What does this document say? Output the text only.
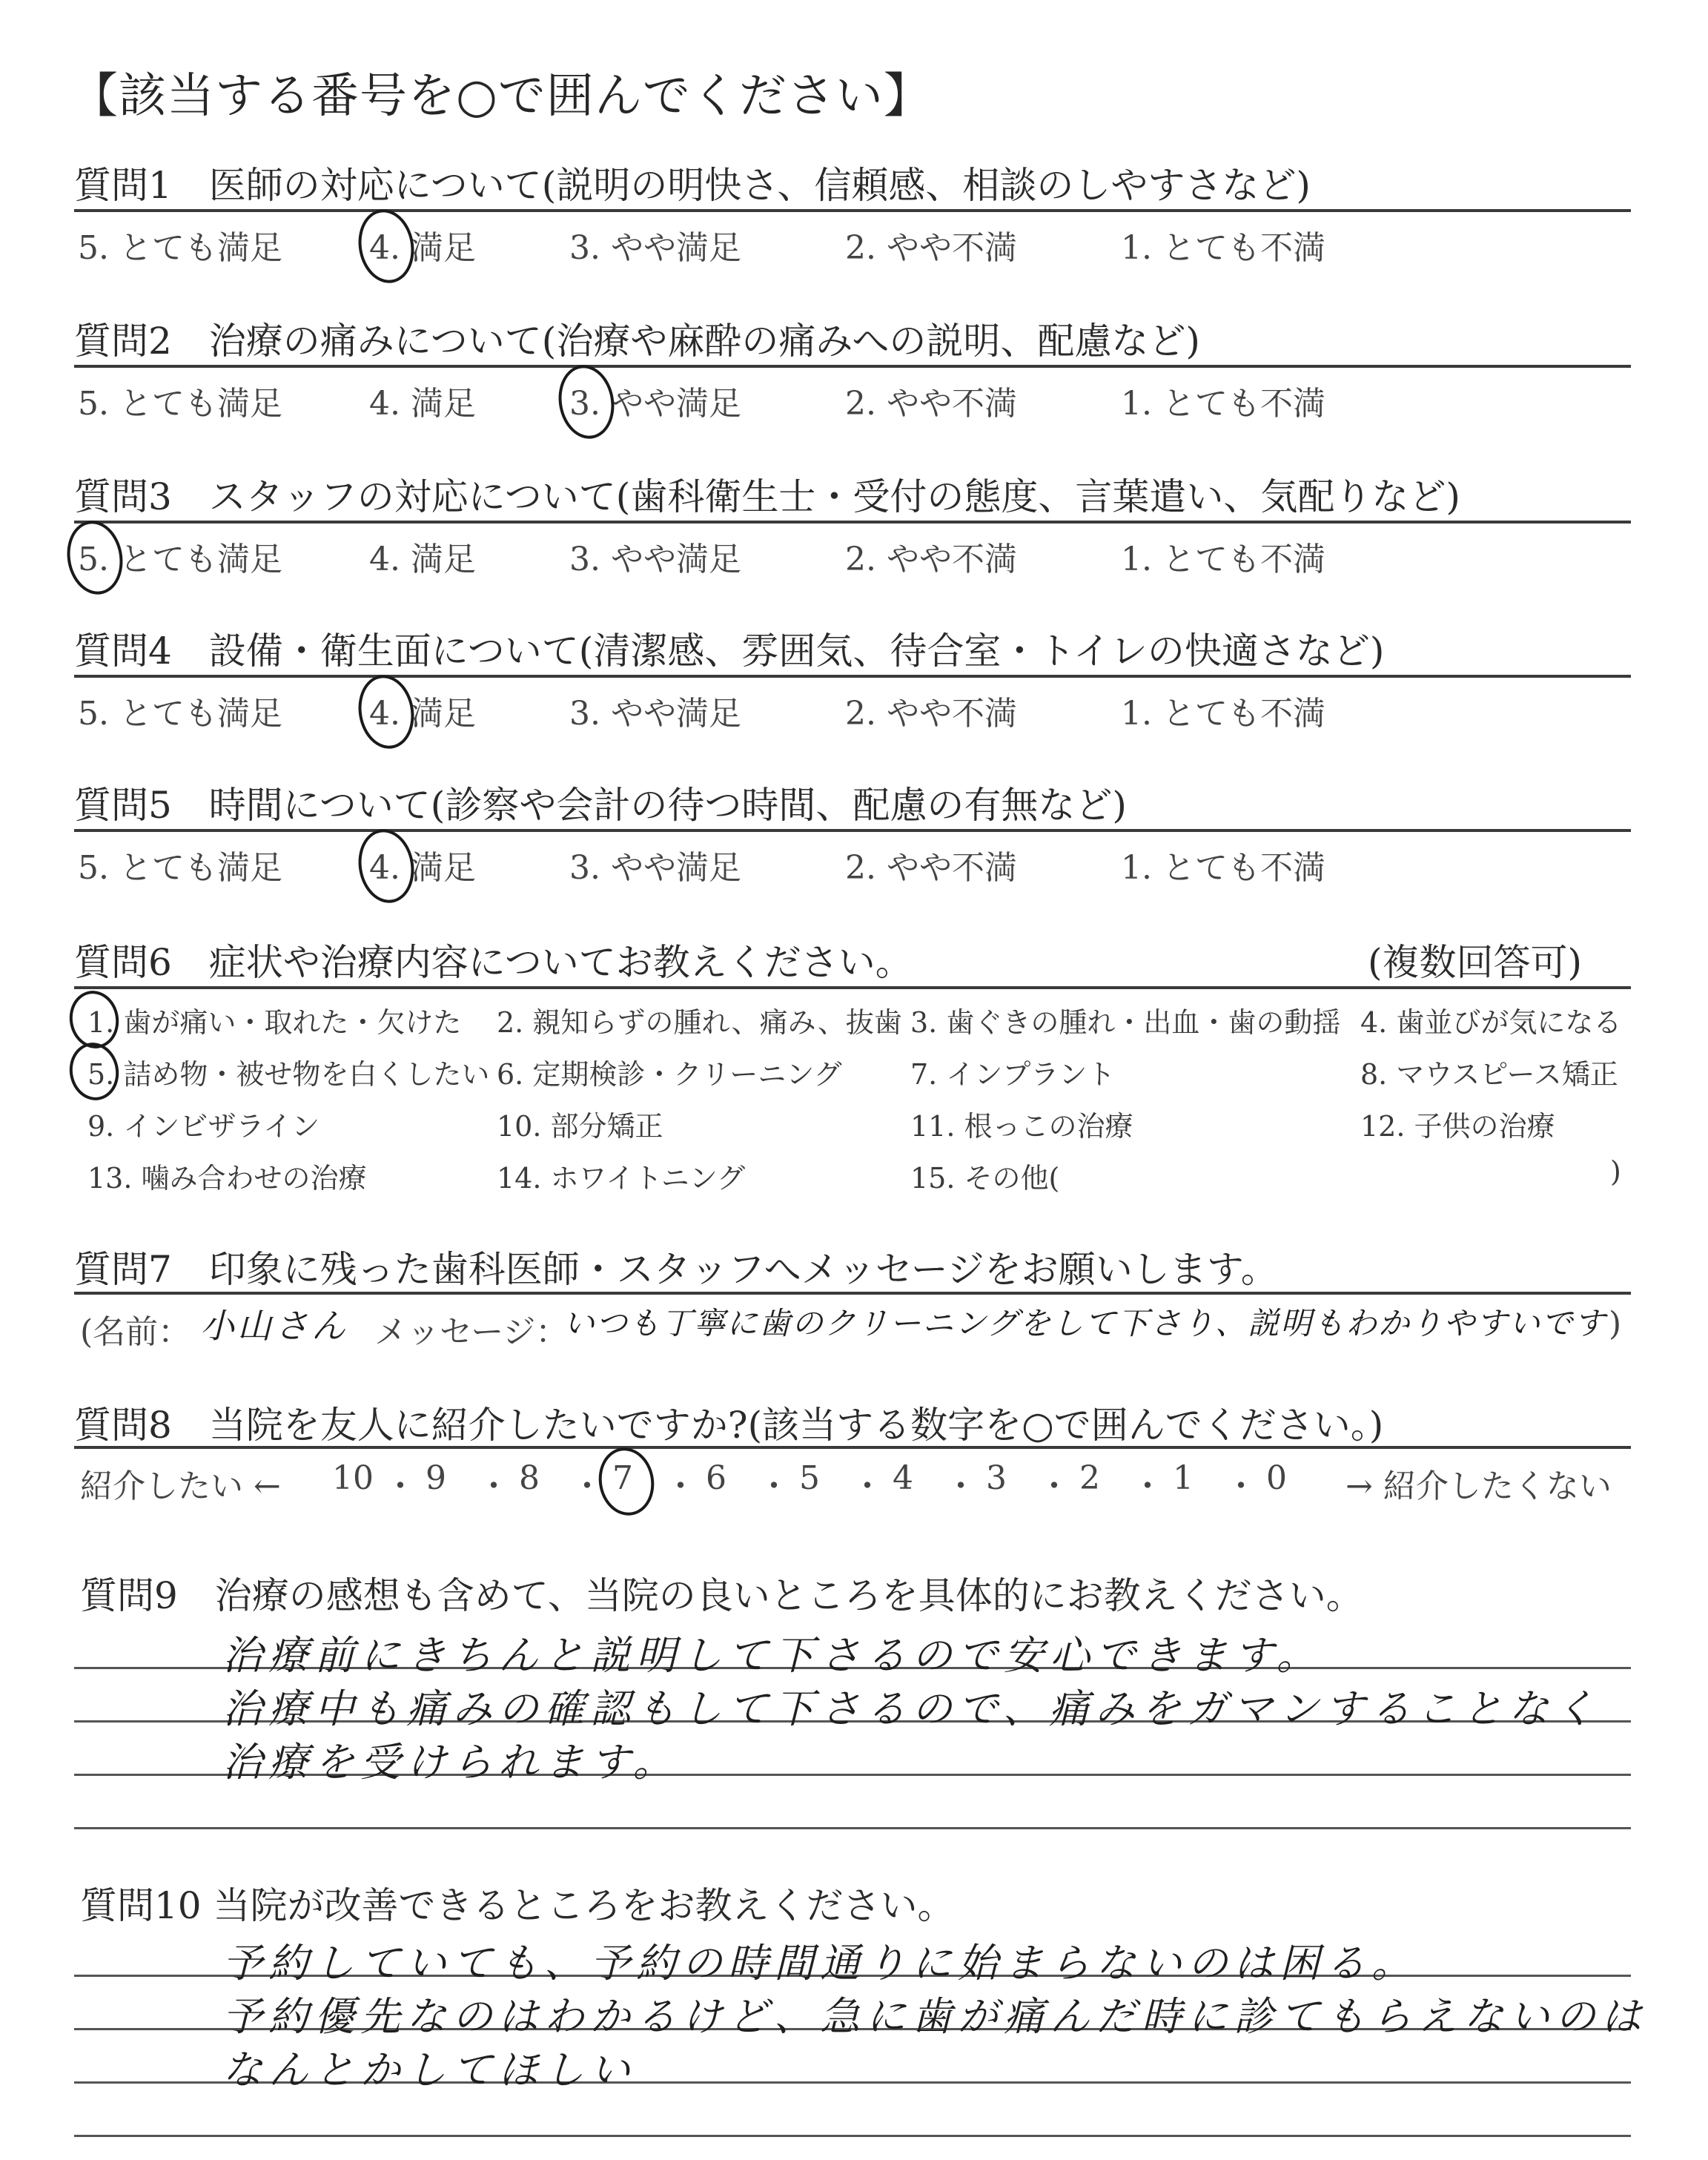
【該当する番号を○で囲んでください】
質問1　医師の対応について(説明の明快さ、信頼感、相談のしやすさなど)
5. とても満足	4. 満足	3. やや満足	2. やや不満	1. とても不満
質問2　治療の痛みについて(治療や麻酔の痛みへの説明、配慮など)
5. とても満足	4. 満足	3. やや満足	2. やや不満	1. とても不満
質問3　スタッフの対応について(歯科衛生士・受付の態度、言葉遣い、気配りなど)
5. とても満足	4. 満足	3. やや満足	2. やや不満	1. とても不満
質問4　設備・衛生面について(清潔感、雰囲気、待合室・トイレの快適さなど)
5. とても満足	4. 満足	3. やや満足	2. やや不満	1. とても不満
質問5　時間について(診察や会計の待つ時間、配慮の有無など)
5. とても満足	4. 満足	3. やや満足	2. やや不満	1. とても不満
質問6　症状や治療内容についてお教えください。	(複数回答可)
1. 歯が痛い・取れた・欠けた 2. 親知らずの腫れ、痛み、抜歯 3. 歯ぐきの腫れ・出血・歯の動揺 4. 歯並びが気になる
5. 詰め物・被せ物を白くしたい 6. 定期検診・クリーニング 7. インプラント	8. マウスピース矯正
9. インビザライン	10. 部分矯正	11. 根っこの治療	12. 子供の治療
13. 噛み合わせの治療	14. ホワイトニング	15. その他(	)
質問7　印象に残った歯科医師・スタッフへメッセージをお願いします。
(名前： 小山さん メッセージ：
いつも丁寧に歯のクリーニングをして下さり、説明もわかりやすいです )
質問8　当院を友人に紹介したいですか?(該当する数字を○で囲んでください。)
紹介したい ← 10 ・ 9 ・ 8 ・ 7 ・ 6 ・ 5 ・ 4 ・ 3 ・ 2 ・ 1 ・ 0 → 紹介したくない
質問9　治療の感想も含めて、当院の良いところを具体的にお教えください。
治療前にきちんと説明して下さるので安心できます。
治療中も痛みの確認もして下さるので、痛みをガマンすることなく
治療を受けられます。
質問10 当院が改善できるところをお教えください。
予約していても、予約の時間通りに始まらないのは困る。
予約優先なのはわかるけど、急に歯が痛んだ時に診てもらえないのは
なんとかしてほしい
